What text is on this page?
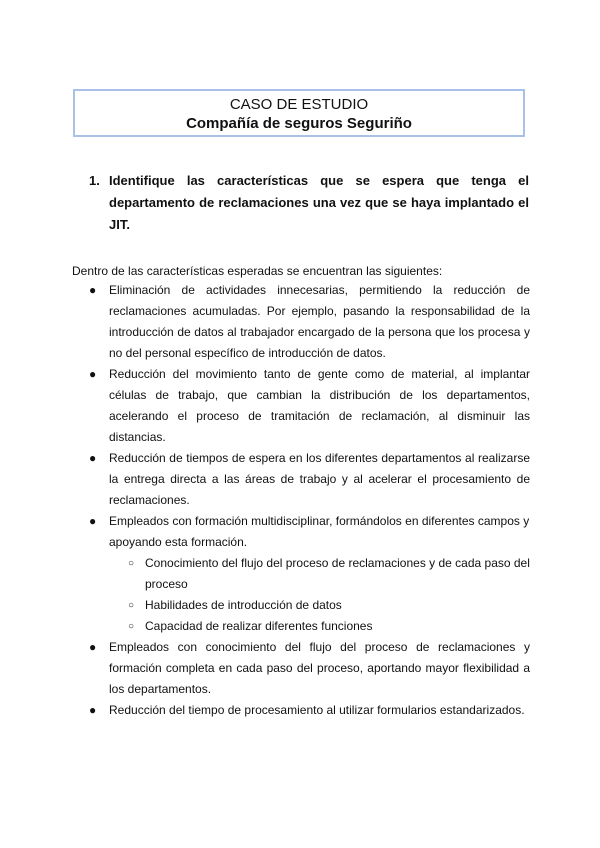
CASO DE ESTUDIO
Compañía de seguros Seguriño
1. Identifique las características que se espera que tenga el departamento de reclamaciones una vez que se haya implantado el JIT.
Dentro de las características esperadas se encuentran las siguientes:
● Eliminación de actividades innecesarias, permitiendo la reducción de reclamaciones acumuladas. Por ejemplo, pasando la responsabilidad de la introducción de datos al trabajador encargado de la persona que los procesa y no del personal específico de introducción de datos.
● Reducción del movimiento tanto de gente como de material, al implantar células de trabajo, que cambian la distribución de los departamentos, acelerando el proceso de tramitación de reclamación, al disminuir las distancias.
● Reducción de tiempos de espera en los diferentes departamentos al realizarse la entrega directa a las áreas de trabajo y al acelerar el procesamiento de reclamaciones.
● Empleados con formación multidisciplinar, formándolos en diferentes campos y apoyando esta formación.
○ Conocimiento del flujo del proceso de reclamaciones y de cada paso del proceso
○ Habilidades de introducción de datos
○ Capacidad de realizar diferentes funciones
● Empleados con conocimiento del flujo del proceso de reclamaciones y formación completa en cada paso del proceso, aportando mayor flexibilidad a los departamentos.
● Reducción del tiempo de procesamiento al utilizar formularios estandarizados.
